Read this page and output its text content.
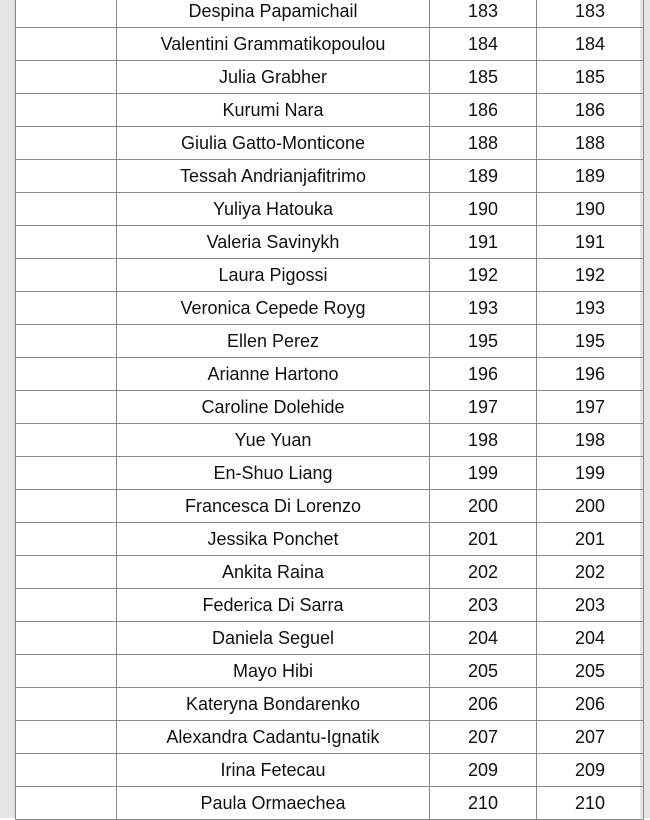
	Despina Papamichail	183	183
	Valentini Grammatikopoulou	184	184
	Julia Grabher	185	185
	Kurumi Nara	186	186
	Giulia Gatto-Monticone	188	188
	Tessah Andrianjafitrimo	189	189
	Yuliya Hatouka	190	190
	Valeria Savinykh	191	191
	Laura Pigossi	192	192
	Veronica Cepede Royg	193	193
	Ellen Perez	195	195
	Arianne Hartono	196	196
	Caroline Dolehide	197	197
	Yue Yuan	198	198
	En-Shuo Liang	199	199
	Francesca Di Lorenzo	200	200
	Jessika Ponchet	201	201
	Ankita Raina	202	202
	Federica Di Sarra	203	203
	Daniela Seguel	204	204
	Mayo Hibi	205	205
	Kateryna Bondarenko	206	206
	Alexandra Cadantu-Ignatik	207	207
	Irina Fetecau	209	209
	Paula Ormaechea	210	210
